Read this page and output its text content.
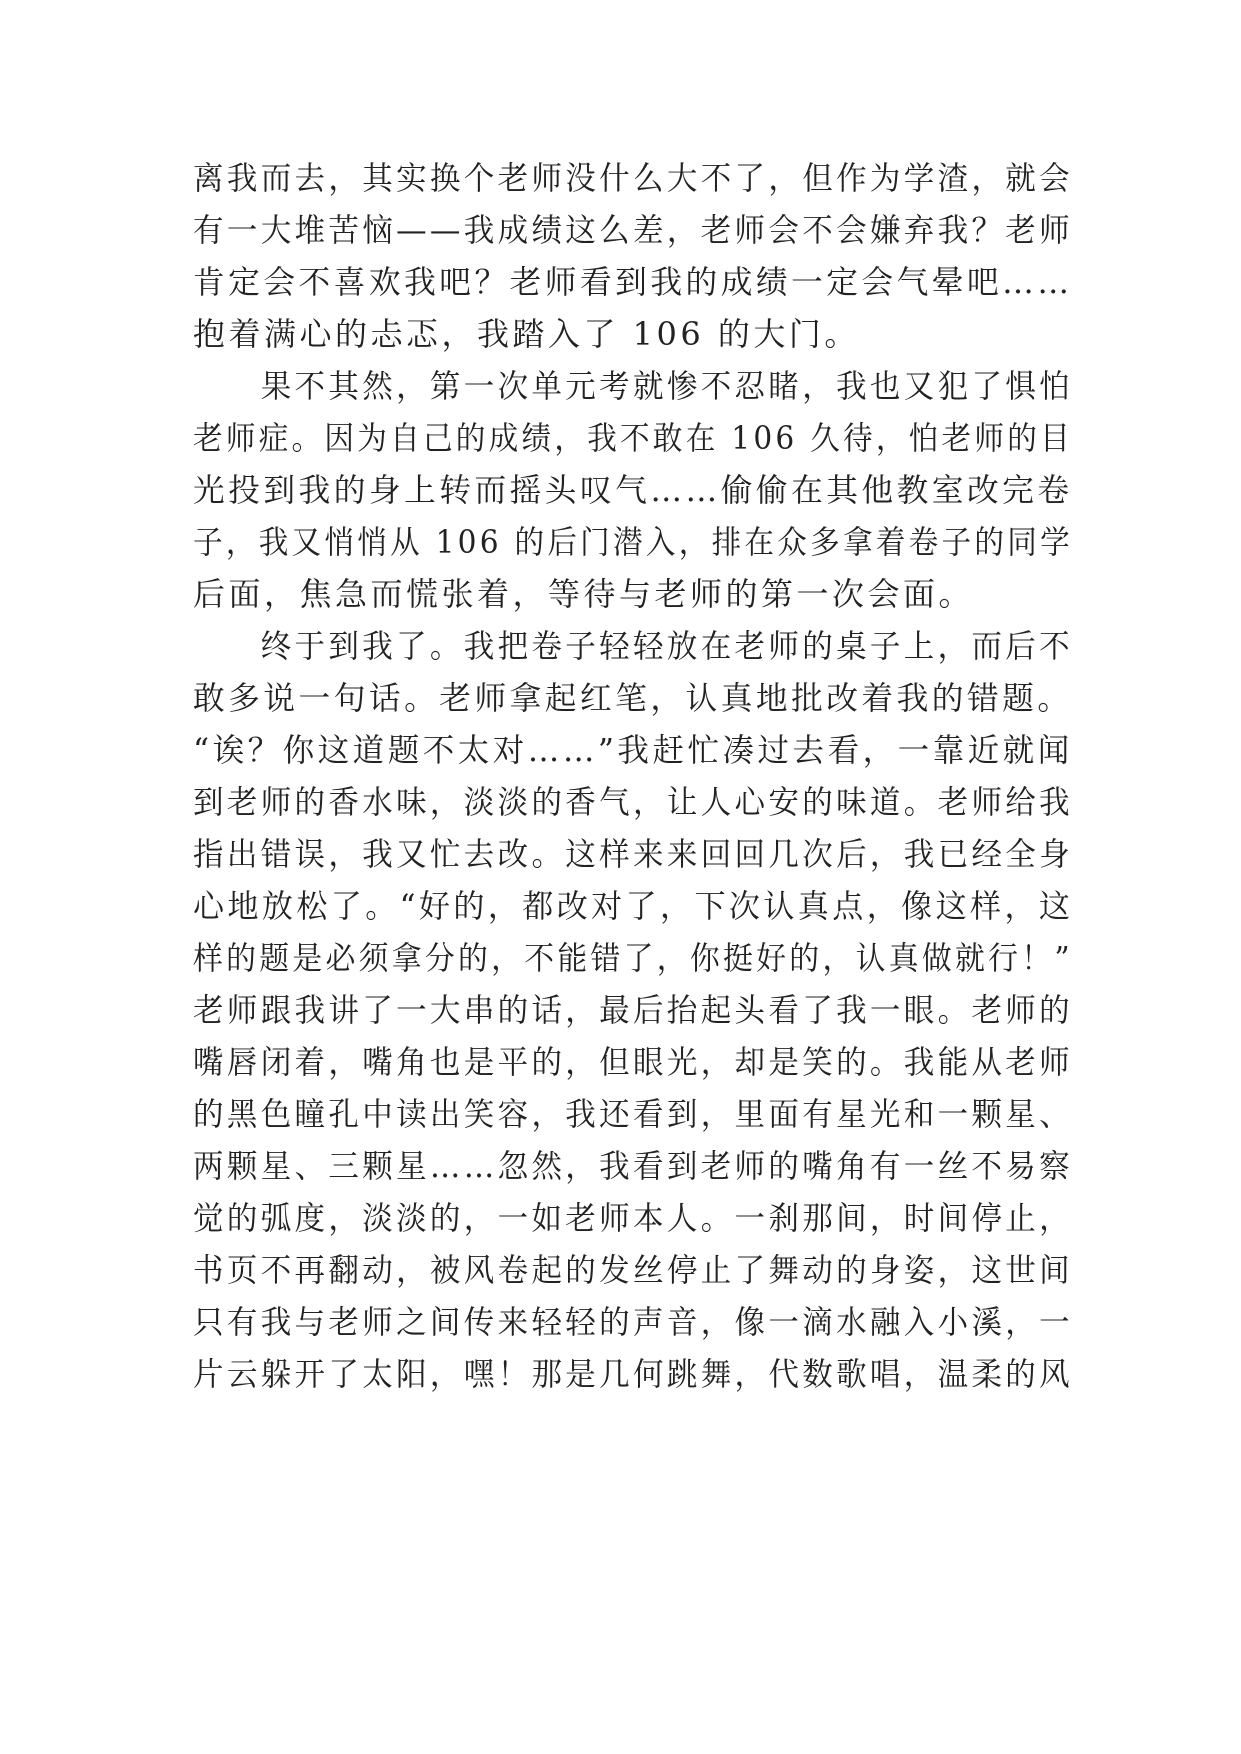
离我而去，其实换个老师没什么大不了，但作为学渣，就会
有一大堆苦恼——我成绩这么差，老师会不会嫌弃我？老师
肯定会不喜欢我吧？老师看到我的成绩一定会气晕吧……
抱着满心的忐忑，我踏入了 106 的大门。
　　果不其然，第一次单元考就惨不忍睹，我也又犯了惧怕
老师症。因为自己的成绩，我不敢在 106 久待，怕老师的目
光投到我的身上转而摇头叹气……偷偷在其他教室改完卷
子，我又悄悄从 106 的后门潜入，排在众多拿着卷子的同学
后面，焦急而慌张着，等待与老师的第一次会面。
　　终于到我了。我把卷子轻轻放在老师的桌子上，而后不
敢多说一句话。老师拿起红笔，认真地批改着我的错题。
“诶？你这道题不太对……”我赶忙凑过去看，一靠近就闻
到老师的香水味，淡淡的香气，让人心安的味道。老师给我
指出错误，我又忙去改。这样来来回回几次后，我已经全身
心地放松了。“好的，都改对了，下次认真点，像这样，这
样的题是必须拿分的，不能错了，你挺好的，认真做就行！”
老师跟我讲了一大串的话，最后抬起头看了我一眼。老师的
嘴唇闭着，嘴角也是平的，但眼光，却是笑的。我能从老师
的黑色瞳孔中读出笑容，我还看到，里面有星光和一颗星、
两颗星、三颗星……忽然，我看到老师的嘴角有一丝不易察
觉的弧度，淡淡的，一如老师本人。一刹那间，时间停止，
书页不再翻动，被风卷起的发丝停止了舞动的身姿，这世间
只有我与老师之间传来轻轻的声音，像一滴水融入小溪，一
片云躲开了太阳，嘿！那是几何跳舞，代数歌唱，温柔的风
